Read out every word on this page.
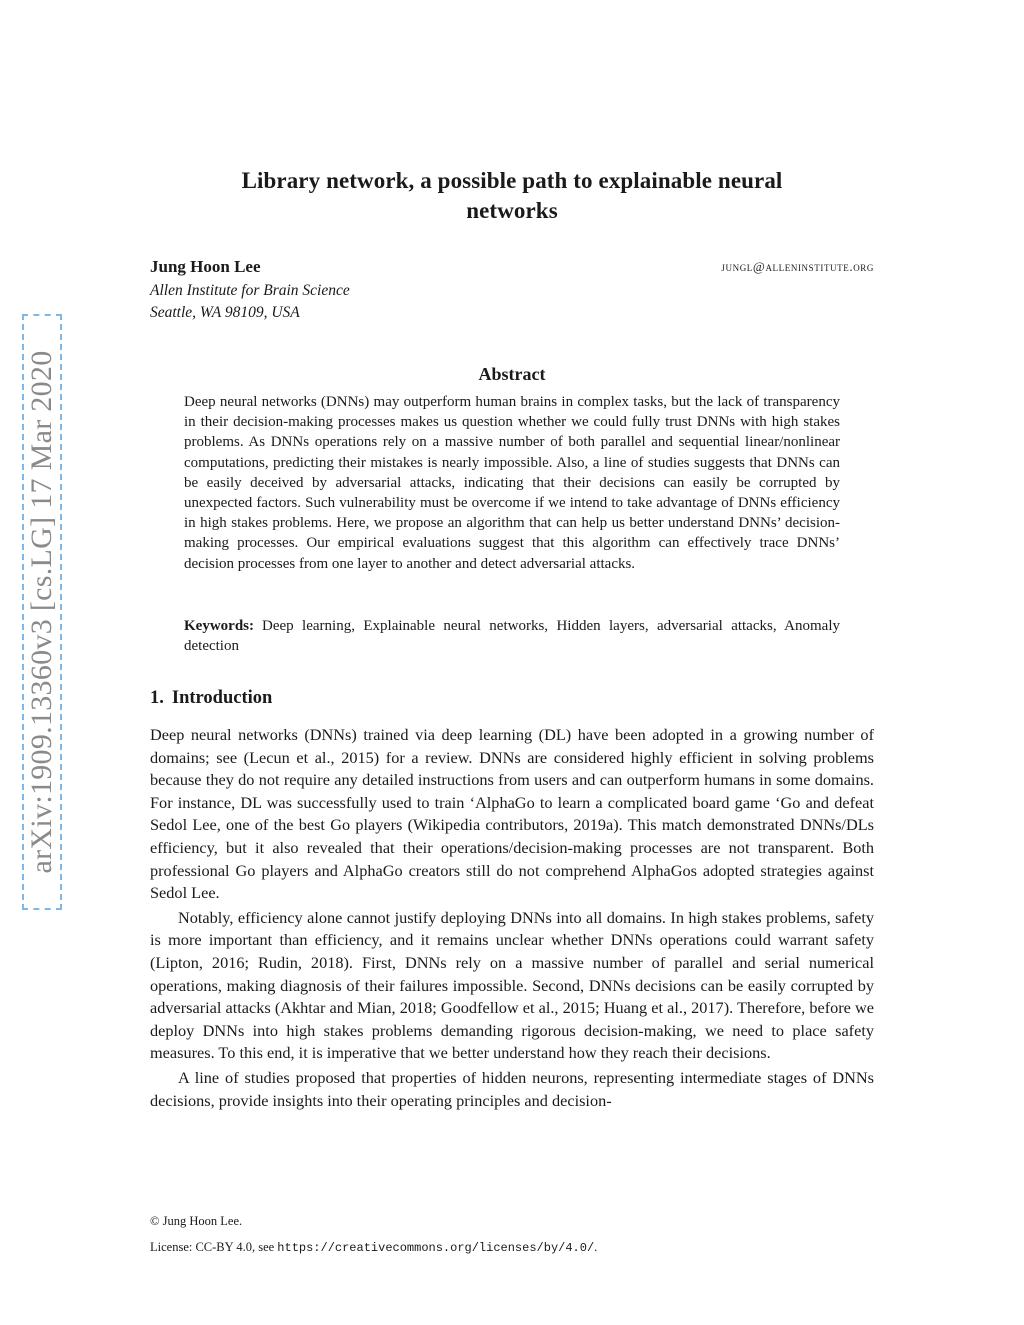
arXiv:1909.13360v3 [cs.LG] 17 Mar 2020
Library network, a possible path to explainable neural
networks
Jung Hoon Lee	jungl@alleninstitute.org
Allen Institute for Brain Science
Seattle, WA 98109, USA
Abstract
Deep neural networks (DNNs) may outperform human brains in complex tasks, but the lack of transparency in their decision-making processes makes us question whether we could fully trust DNNs with high stakes problems. As DNNs operations rely on a massive number of both parallel and sequential linear/nonlinear computations, predicting their mistakes is nearly impossible. Also, a line of studies suggests that DNNs can be easily deceived by adversarial attacks, indicating that their decisions can easily be corrupted by unexpected factors. Such vulnerability must be overcome if we intend to take advantage of DNNs efficiency in high stakes problems. Here, we propose an algorithm that can help us better understand DNNs’ decision-making processes. Our empirical evaluations suggest that this algorithm can effectively trace DNNs’ decision processes from one layer to another and detect adversarial attacks.
Keywords: Deep learning, Explainable neural networks, Hidden layers, adversarial attacks, Anomaly detection
1. Introduction

Deep neural networks (DNNs) trained via deep learning (DL) have been adopted in a growing number of domains; see (Lecun et al., 2015) for a review. DNNs are considered highly efficient in solving problems because they do not require any detailed instructions from users and can outperform humans in some domains. For instance, DL was successfully used to train ‘AlphaGo to learn a complicated board game ‘Go and defeat Sedol Lee, one of the best Go players (Wikipedia contributors, 2019a). This match demonstrated DNNs/DLs efficiency, but it also revealed that their operations/decision-making processes are not transparent. Both professional Go players and AlphaGo creators still do not comprehend AlphaGos adopted strategies against Sedol Lee.

Notably, efficiency alone cannot justify deploying DNNs into all domains. In high stakes problems, safety is more important than efficiency, and it remains unclear whether DNNs operations could warrant safety (Lipton, 2016; Rudin, 2018). First, DNNs rely on a massive number of parallel and serial numerical operations, making diagnosis of their failures impossible. Second, DNNs decisions can be easily corrupted by adversarial attacks (Akhtar and Mian, 2018; Goodfellow et al., 2015; Huang et al., 2017). Therefore, before we deploy DNNs into high stakes problems demanding rigorous decision-making, we need to place safety measures. To this end, it is imperative that we better understand how they reach their decisions.

A line of studies proposed that properties of hidden neurons, representing intermediate stages of DNNs decisions, provide insights into their operating principles and decision-

© Jung Hoon Lee.
License: CC-BY 4.0, see https://creativecommons.org/licenses/by/4.0/.
